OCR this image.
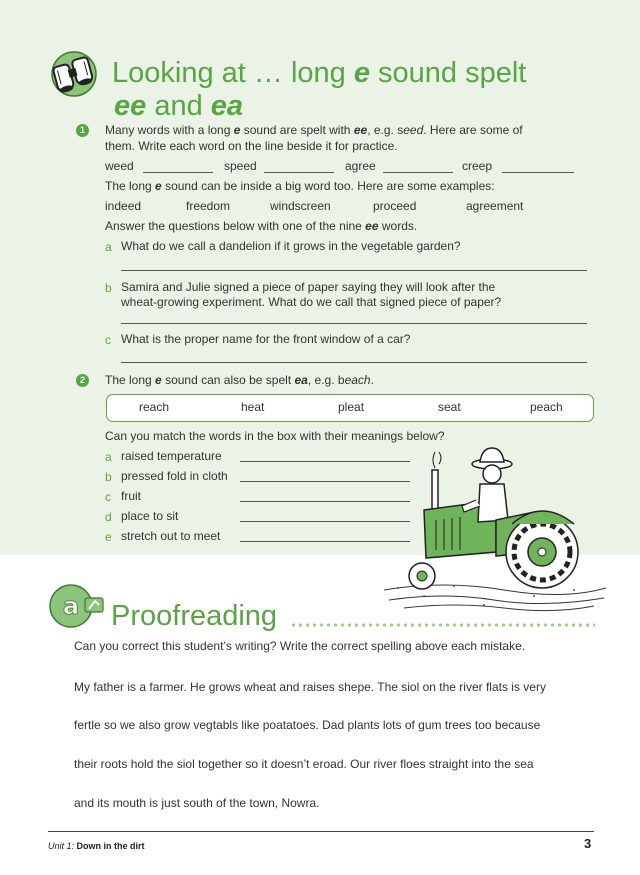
Looking at … long e sound spelt
ee and ea
1	Many words with a long e sound are spelt with ee, e.g. seed. Here are some of
them. Write each word on the line beside it for practice.
weed	speed	agree	creep
The long e sound can be inside a big word too. Here are some examples:
indeed	freedom	windscreen	proceed	agreement
Answer the questions below with one of the nine ee words.
a What do we call a dandelion if it grows in the vegetable garden?
b Samira and Julie signed a piece of paper saying they will look after the
wheat-growing experiment. What do we call that signed piece of paper?
c What is the proper name for the front window of a car?
2	The long e sound can also be spelt ea, e.g. beach.
reach	heat	pleat	seat	peach
Can you match the words in the box with their meanings below?
a raised temperature
b pressed fold in cloth
c fruit
d place to sit
e stretch out to meet
a Proofreading
Can you correct this student’s writing? Write the correct spelling above each mistake.
My father is a farmer. He grows wheat and raises shepe. The siol on the river flats is very
fertle so we also grow vegtabls like poatatoes. Dad plants lots of gum trees too because
their roots hold the siol together so it doesn’t eroad. Our river floes straight into the sea
and its mouth is just south of the town, Nowra.
Unit 1: Down in the dirt	3
